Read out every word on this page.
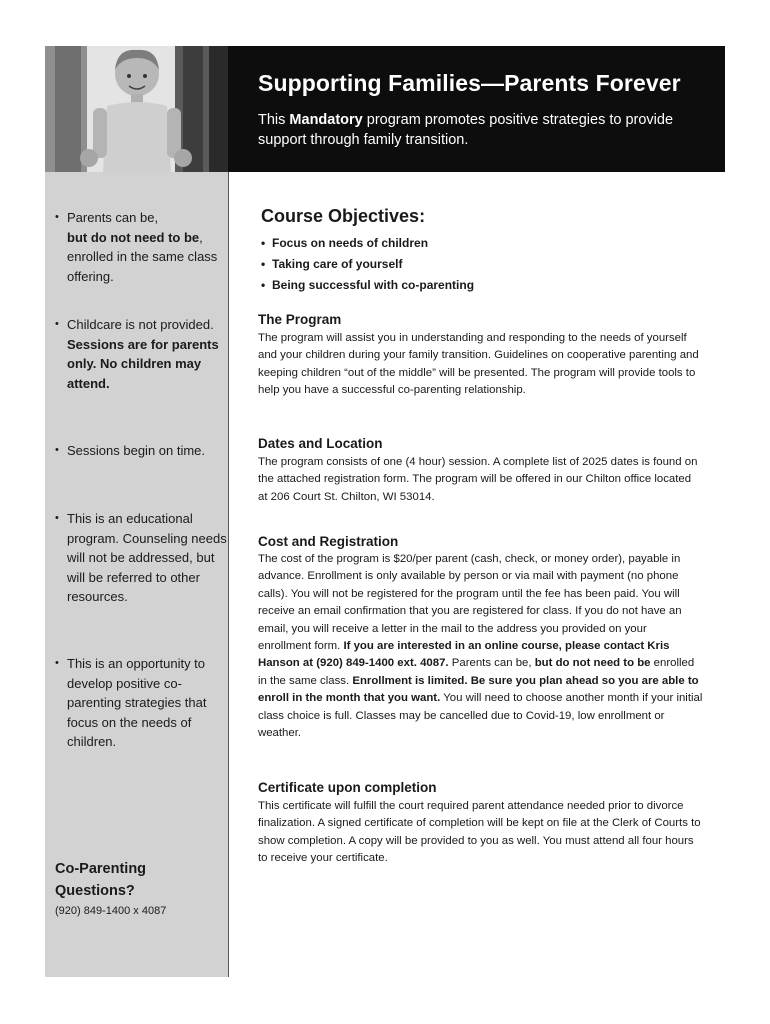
Supporting Families—Parents Forever
This Mandatory program promotes positive strategies to provide support through family transition.
• Parents can be,
but do not need to be, enrolled in the same class offering.
• Childcare is not provided. Sessions are for parents only. No children may attend.
• Sessions begin on time.
• This is an educational program. Counseling needs will not be addressed, but will be referred to other resources.
• This is an opportunity to develop positive co-parenting strategies that focus on the needs of children.
Co-Parenting Questions?
(920) 849-1400 x 4087
Course Objectives:
• Focus on needs of children
• Taking care of yourself
• Being successful with co-parenting
The Program
The program will assist you in understanding and responding to the needs of yourself and your children during your family transition. Guidelines on cooperative parenting and keeping children “out of the middle” will be presented. The program will provide tools to help you have a successful co-parenting relationship.
Dates and Location
The program consists of one (4 hour) session. A complete list of 2025 dates is found on the attached registration form. The program will be offered in our Chilton office located at 206 Court St. Chilton, WI 53014.
Cost and Registration
The cost of the program is $20/per parent (cash, check, or money order), payable in advance. Enrollment is only available by person or via mail with payment (no phone calls). You will not be registered for the program until the fee has been paid. You will receive an email confirmation that you are registered for class. If you do not have an email, you will receive a letter in the mail to the address you provided on your enrollment form. If you are interested in an online course, please contact Kris Hanson at (920) 849-1400 ext. 4087. Parents can be, but do not need to be enrolled in the same class. Enrollment is limited. Be sure you plan ahead so you are able to enroll in the month that you want. You will need to choose another month if your initial class choice is full. Classes may be cancelled due to Covid-19, low enrollment or weather.
Certificate upon completion
This certificate will fulfill the court required parent attendance needed prior to divorce finalization. A signed certificate of completion will be kept on file at the Clerk of Courts to show completion. A copy will be provided to you as well. You must attend all four hours to receive your certificate.
